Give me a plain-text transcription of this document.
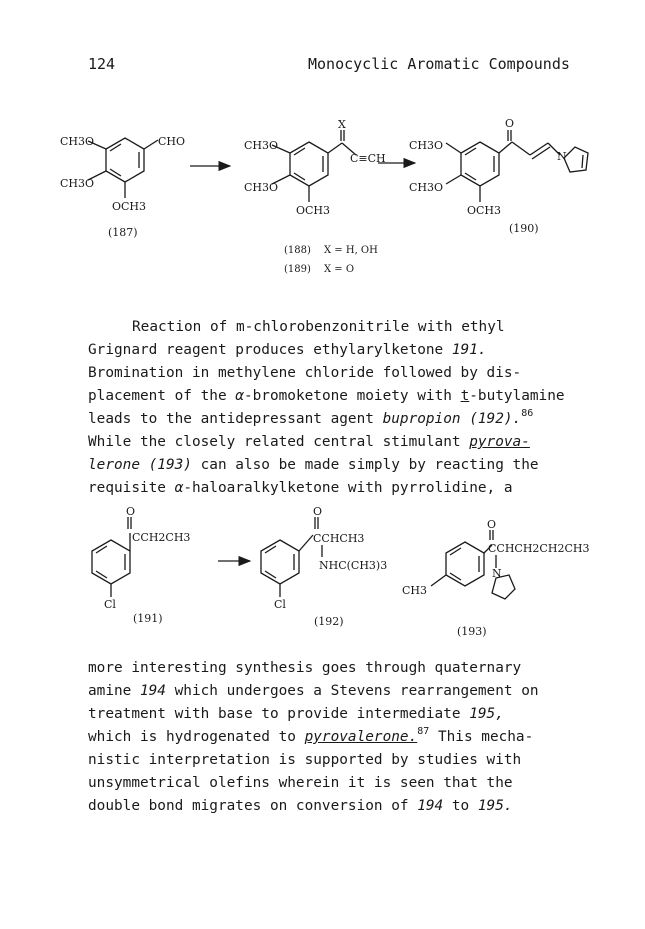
124	Monocyclic Aromatic Compounds
CH3O
CH3O
OCH3
CHO
(187)
CH3O
CH3O
OCH3
X
C≡CH
(188) X = H, OH
(189) X = O
CH3O
CH3O
OCH3
O
N
(190)
Reaction of m-chlorobenzonitrile with ethyl
Grignard reagent produces ethylarylketone 191.
Bromination in methylene chloride followed by dis-
placement of the α-bromoketone moiety with t-butylamine
leads to the antidepressant agent bupropion (192).$^{86}$
While the closely related central stimulant pyrova-
lerone (193) can also be made simply by reacting the
requisite α-haloaralkylketone with pyrrolidine, a
O
CCH2CH3
Cl
(191)
O
CCHCH3
NHC(CH3)3
Cl
(192)
O
CCHCH2CH2CH3
N
CH3
(193)
more interesting synthesis goes through quaternary
amine 194 which undergoes a Stevens rearrangement on
treatment with base to provide intermediate 195,
which is hydrogenated to pyrovalerone.$^{87}$ This mecha-
nistic interpretation is supported by studies with
unsymmetrical olefins wherein it is seen that the
double bond migrates on conversion of 194 to 195.
